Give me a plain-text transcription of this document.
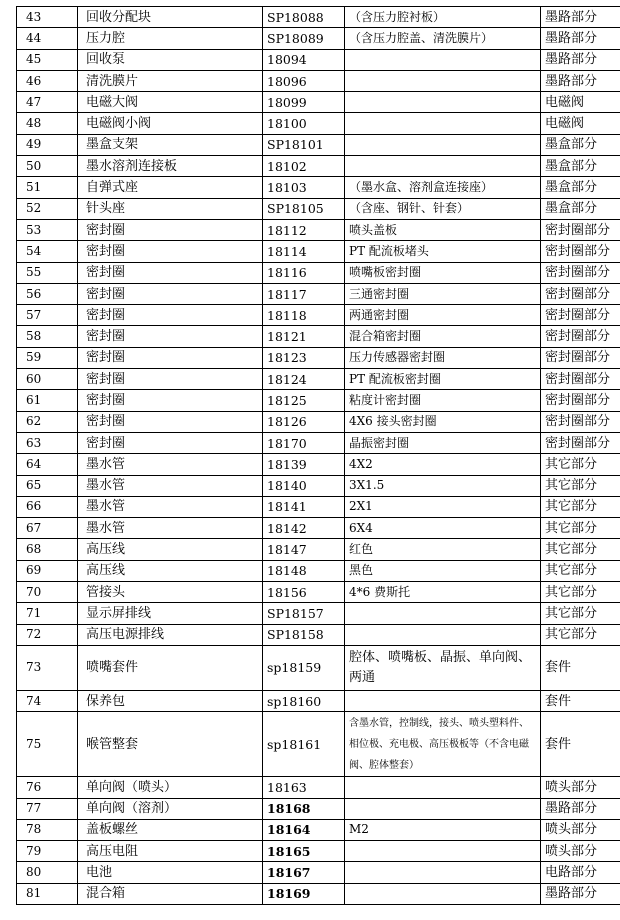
43	回收分配块	SP18088	（含压力腔衬板）	墨路部分
44	压力腔	SP18089	（含压力腔盖、清洗膜片）	墨路部分
45	回收泵	18094		墨路部分
46	清洗膜片	18096		墨路部分
47	电磁大阀	18099		电磁阀
48	电磁阀小阀	18100		电磁阀
49	墨盒支架	SP18101		墨盒部分
50	墨水溶剂连接板	18102		墨盒部分
51	自弹式座	18103	（墨水盒、溶剂盒连接座）	墨盒部分
52	针头座	SP18105	（含座、钢针、针套）	墨盒部分
53	密封圈	18112	喷头盖板	密封圈部分
54	密封圈	18114	PT 配流板堵头	密封圈部分
55	密封圈	18116	喷嘴板密封圈	密封圈部分
56	密封圈	18117	三通密封圈	密封圈部分
57	密封圈	18118	两通密封圈	密封圈部分
58	密封圈	18121	混合箱密封圈	密封圈部分
59	密封圈	18123	压力传感器密封圈	密封圈部分
60	密封圈	18124	PT 配流板密封圈	密封圈部分
61	密封圈	18125	粘度计密封圈	密封圈部分
62	密封圈	18126	4X6 接头密封圈	密封圈部分
63	密封圈	18170	晶振密封圈	密封圈部分
64	墨水管	18139	4X2	其它部分
65	墨水管	18140	3X1.5	其它部分
66	墨水管	18141	2X1	其它部分
67	墨水管	18142	6X4	其它部分
68	高压线	18147	红色	其它部分
69	高压线	18148	黑色	其它部分
70	管接头	18156	4*6 费斯托	其它部分
71	显示屏排线	SP18157		其它部分
72	高压电源排线	SP18158		其它部分
73	喷嘴套件	sp18159	腔体、喷嘴板、晶振、单向阀、两通	套件
74	保养包	sp18160		套件
75	喉管整套	sp18161	含墨水管，控制线，接头、喷头塑料件、相位极、充电极、高压极板等（不含电磁阀、腔体整套）	套件
76	单向阀（喷头）	18163		喷头部分
77	单向阀（溶剂）	18168		墨路部分
78	盖板螺丝	18164	M2	喷头部分
79	高压电阻	18165		喷头部分
80	电池	18167		电路部分
81	混合箱	18169		墨路部分
